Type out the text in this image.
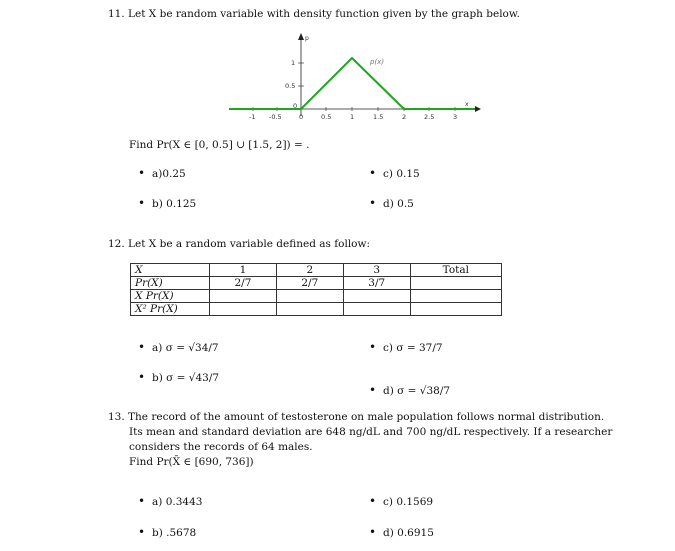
11. Let X be random variable with density function given by the graph below.
p
x
1
0.5
0
-1 -0.5	0	0.5	1	1.5	2	2.5	3
p(x)
Find Pr(X ∈ [0, 0.5] ∪ [1.5, 2]) = .
• a)0.25	• c) 0.15
• b) 0.125	• d) 0.5
12. Let X be a random variable defined as follow:
X	1	2	3	Total
Pr(X)	2/7	2/7	3/7	
X Pr(X)				
X² Pr(X)				
• a) σ = √34/7	• c) σ = 37/7
• b) σ = √43/7
• d) σ = √38/7
13. The record of the amount of testosterone on male population follows normal distribution.
Its mean and standard deviation are 648 ng/dL and 700 ng/dL respectively. If a researcher
considers the records of 64 males.
Find Pr(X̄ ∈ [690, 736])
• a) 0.3443	• c) 0.1569
• b) .5678	• d) 0.6915
